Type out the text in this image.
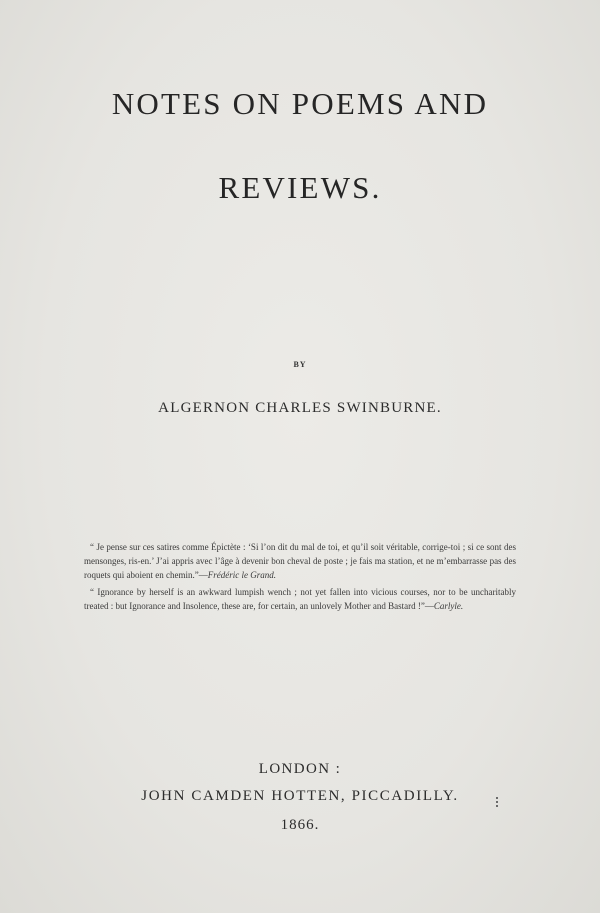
NOTES ON POEMS AND
REVIEWS.
BY
ALGERNON CHARLES SWINBURNE.

“ Je pense sur ces satires comme Épictète : ‘Si l’on dit du mal de toi, et qu’il soit véritable, corrige-toi ; si ce sont des mensonges, ris-en.’ J’ai appris avec l’âge à devenir bon cheval de poste ; je fais ma station, et ne m’embarrasse pas des roquets qui aboient en chemin.”—Frédéric le Grand.

“ Ignorance by herself is an awkward lumpish wench ; not yet fallen into vicious courses, nor to be uncharitably treated : but Ignorance and Insolence, these are, for certain, an unlovely Mother and Bastard !”—Carlyle.

LONDON :
JOHN CAMDEN HOTTEN, PICCADILLY.
1866.
